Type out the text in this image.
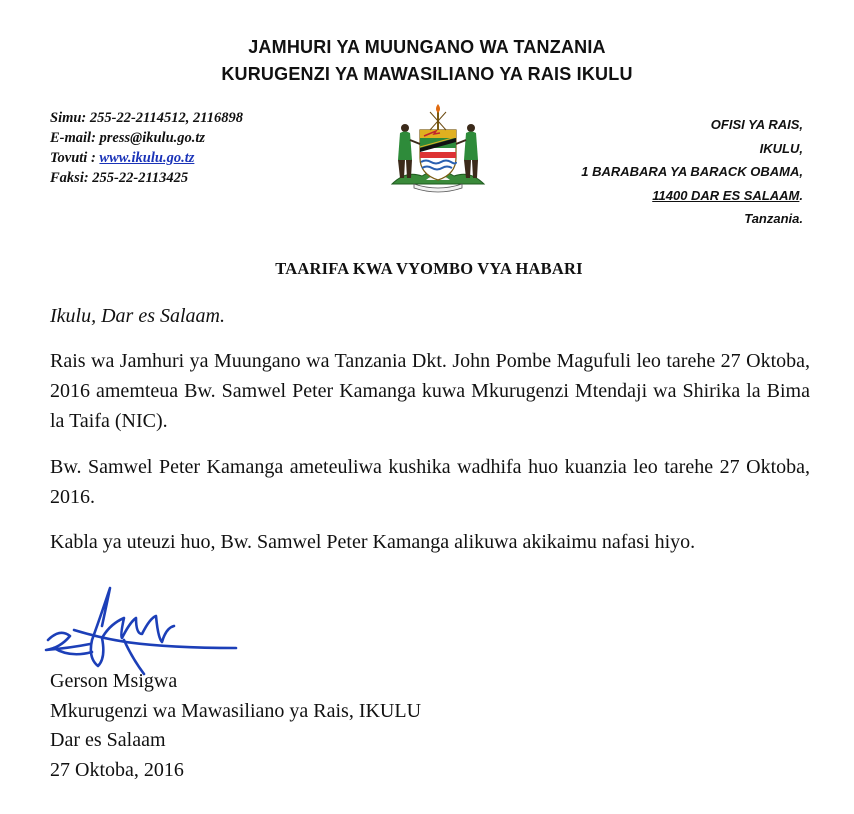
JAMHURI YA MUUNGANO WA TANZANIA
KURUGENZI YA MAWASILIANO YA RAIS IKULU
Simu: 255-22-2114512, 2116898
E-mail: press@ikulu.go.tz
Tovuti : www.ikulu.go.tz
Faksi: 255-22-2113425
OFISI YA RAIS,
IKULU,
1 BARABARA YA BARACK OBAMA,
11400 DAR ES SALAAM.
Tanzania.
TAARIFA KWA VYOMBO VYA HABARI

Ikulu, Dar es Salaam.

Rais wa Jamhuri ya Muungano wa Tanzania Dkt. John Pombe Magufuli leo tarehe 27 Oktoba, 2016 amemteua Bw. Samwel Peter Kamanga kuwa Mkurugenzi Mtendaji wa Shirika la Bima la Taifa (NIC).

Bw. Samwel Peter Kamanga ameteuliwa kushika wadhifa huo kuanzia leo tarehe 27 Oktoba, 2016.

Kabla ya uteuzi huo, Bw. Samwel Peter Kamanga alikuwa akikaimu nafasi hiyo.

Gerson Msigwa
Mkurugenzi wa Mawasiliano ya Rais, IKULU
Dar es Salaam
27 Oktoba, 2016
